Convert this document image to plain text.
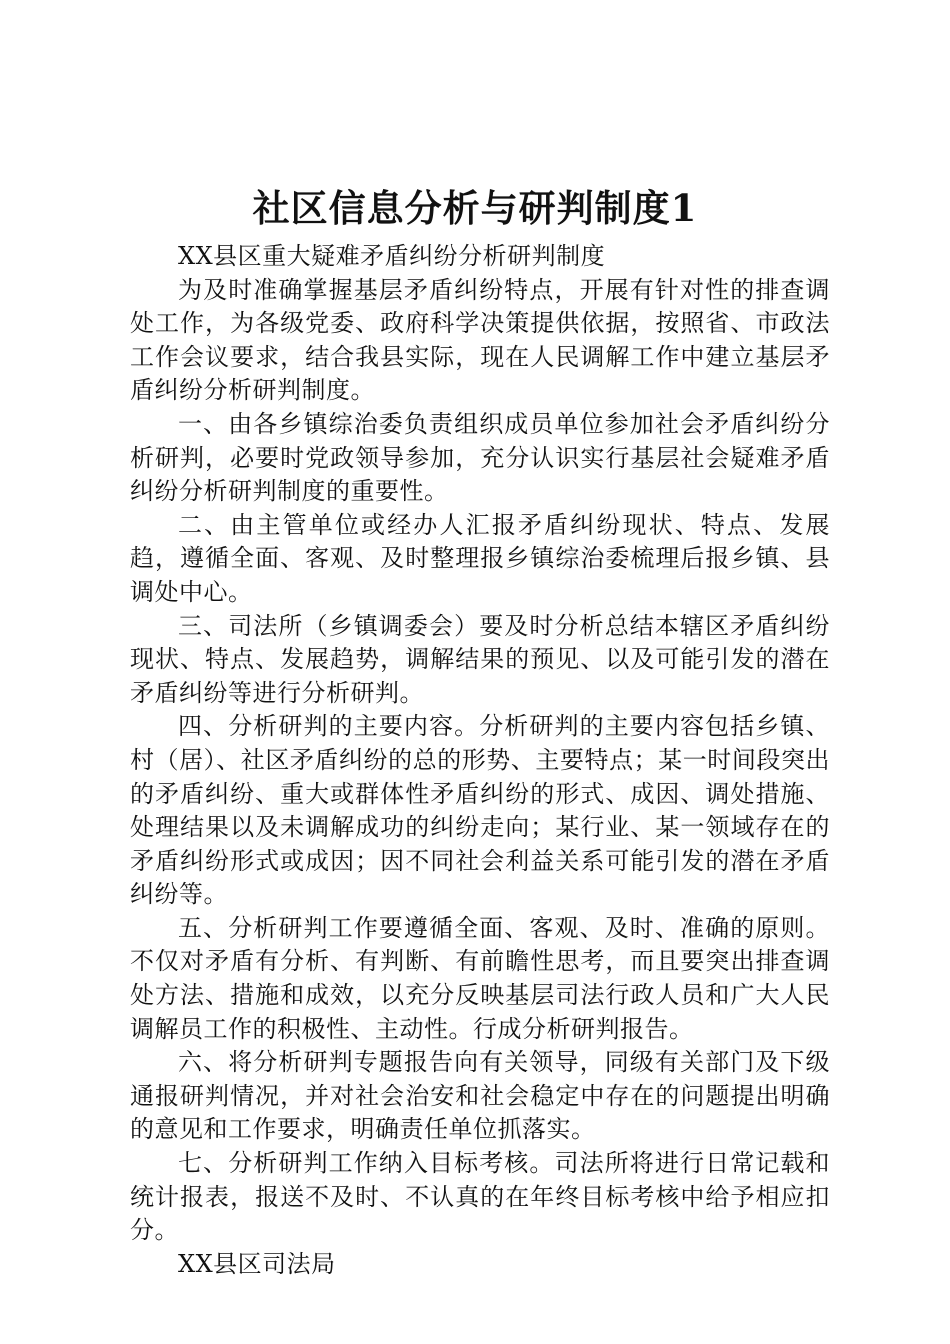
社区信息分析与研判制度1

XX县区重大疑难矛盾纠纷分析研判制度

为及时准确掌握基层矛盾纠纷特点，开展有针对性的排查调处工作，为各级党委、政府科学决策提供依据，按照省、市政法工作会议要求，结合我县实际，现在人民调解工作中建立基层矛盾纠纷分析研判制度。

一、由各乡镇综治委负责组织成员单位参加社会矛盾纠纷分析研判，必要时党政领导参加，充分认识实行基层社会疑难矛盾纠纷分析研判制度的重要性。

二、由主管单位或经办人汇报矛盾纠纷现状、特点、发展趋，遵循全面、客观、及时整理报乡镇综治委梳理后报乡镇、县调处中心。

三、司法所（乡镇调委会）要及时分析总结本辖区矛盾纠纷现状、特点、发展趋势，调解结果的预见、以及可能引发的潜在矛盾纠纷等进行分析研判。

四、分析研判的主要内容。分析研判的主要内容包括乡镇、村（居）、社区矛盾纠纷的总的形势、主要特点；某一时间段突出的矛盾纠纷、重大或群体性矛盾纠纷的形式、成因、调处措施、处理结果以及未调解成功的纠纷走向；某行业、某一领域存在的矛盾纠纷形式或成因；因不同社会利益关系可能引发的潜在矛盾纠纷等。

五、分析研判工作要遵循全面、客观、及时、准确的原则。不仅对矛盾有分析、有判断、有前瞻性思考，而且要突出排查调处方法、措施和成效，以充分反映基层司法行政人员和广大人民调解员工作的积极性、主动性。行成分析研判报告。

六、将分析研判专题报告向有关领导，同级有关部门及下级通报研判情况，并对社会治安和社会稳定中存在的问题提出明确的意见和工作要求，明确责任单位抓落实。

七、分析研判工作纳入目标考核。司法所将进行日常记载和统计报表，报送不及时、不认真的在年终目标考核中给予相应扣分。

XX县区司法局
